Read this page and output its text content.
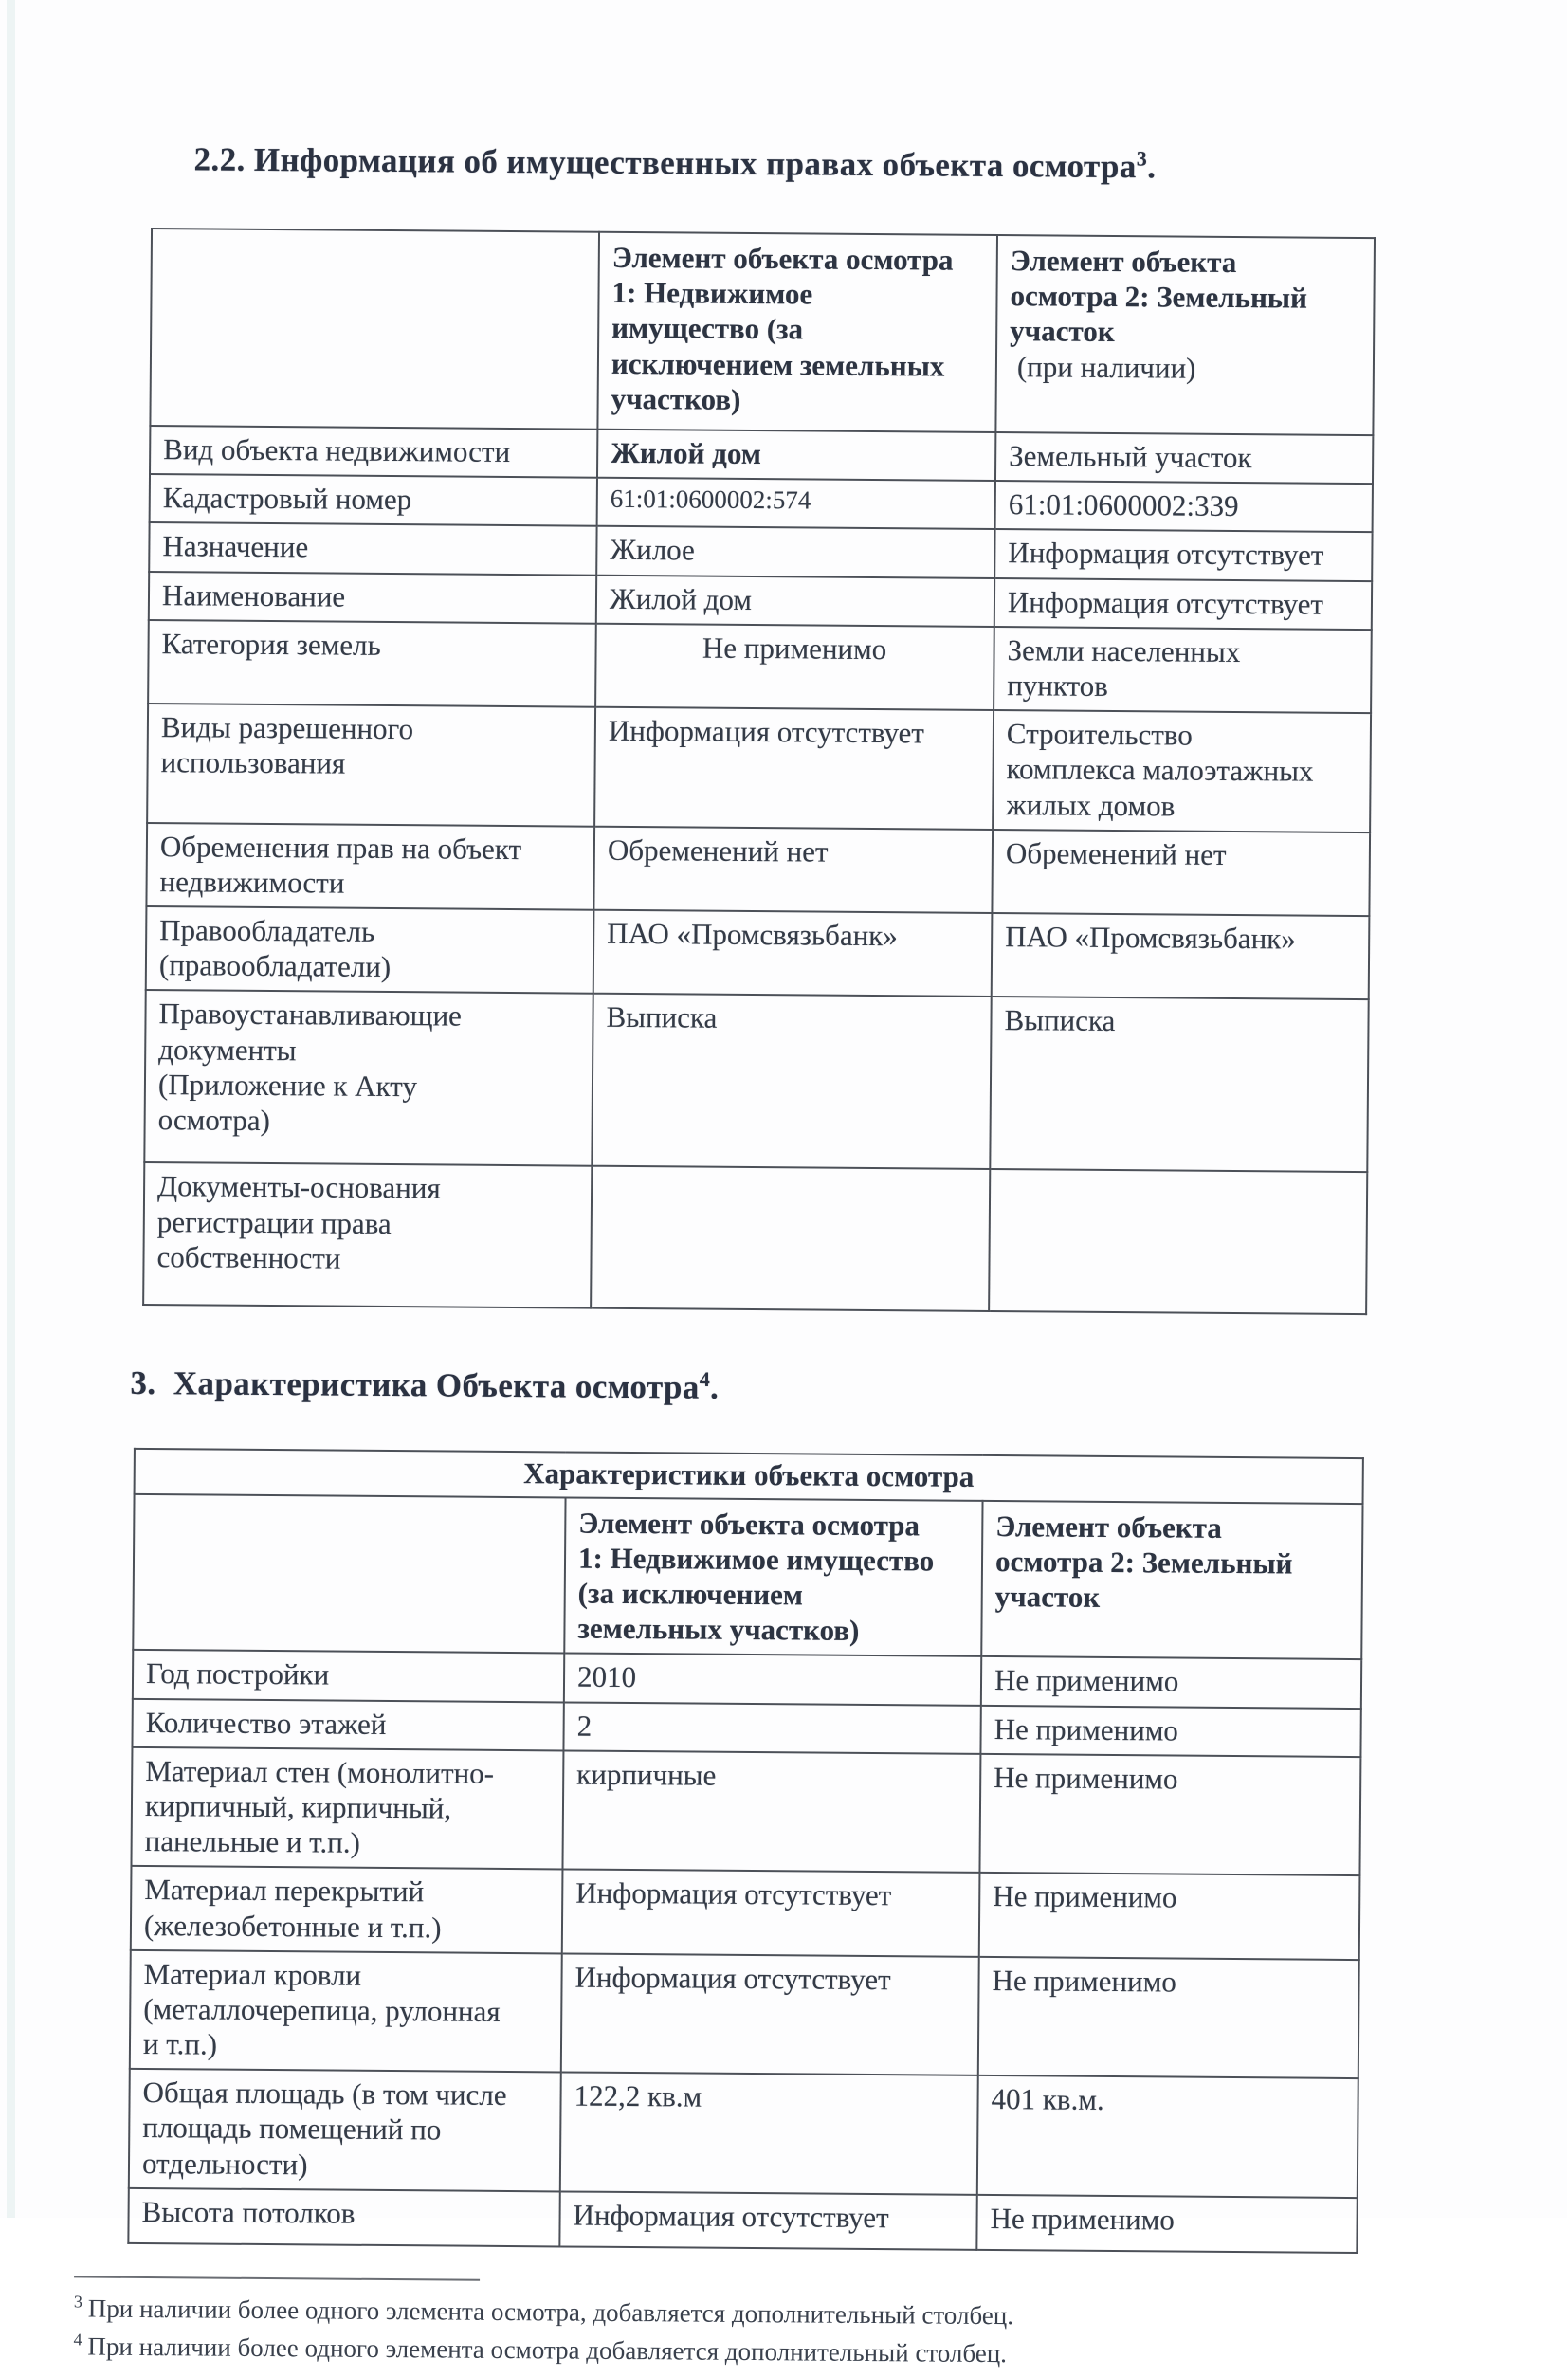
2.2. Информация об имущественных правах объекта осмотра$^3$.
	Элемент объекта осмотра
1: Недвижимое
имущество (за
исключением земельных
участков)	Элемент объекта
осмотра 2: Земельный
участок
(при наличии)

Вид объекта недвижимости	Жилой дом	Земельный участок
Кадастровый номер	61:01:0600002:574	61:01:0600002:339
Назначение	Жилое	Информация отсутствует
Наименование	Жилой дом	Информация отсутствует
Категория земель	Не применимо	Земли населенных
пунктов
Виды разрешенного
использования	Информация отсутствует	Строительство
комплекса малоэтажных
жилых домов
Обременения прав на объект
недвижимости	Обременений нет	Обременений нет
Правообладатель
(правообладатели)	ПАО «Промсвязьбанк»	ПАО «Промсвязьбанк»
Правоустанавливающие
документы
(Приложение к Акту
осмотра)	Выписка	Выписка
Документы-основания
регистрации права
собственности		
3.  Характеристика Объекта осмотра$^4$.
Характеристики объекта осмотра		
	Элемент объекта осмотра
1: Недвижимое имущество
(за исключением
земельных участков)	Элемент объекта
осмотра 2: Земельный
участок
Год постройки	2010	Не применимо
Количество этажей	2	Не применимо
Материал стен (монолитно-
кирпичный, кирпичный,
панельные и т.п.)	кирпичные	Не применимо
Материал перекрытий
(железобетонные и т.п.)	Информация отсутствует	Не применимо
Материал кровли
(металлочерепица, рулонная
и т.п.)	Информация отсутствует	Не применимо
Общая площадь (в том числе
площадь помещений по
отдельности)	122,2 кв.м	401 кв.м.
Высота потолков	Информация отсутствует	Не применимо
$^3$ При наличии более одного элемента осмотра, добавляется дополнительный столбец.
$^4$ При наличии более одного элемента осмотра добавляется дополнительный столбец.
